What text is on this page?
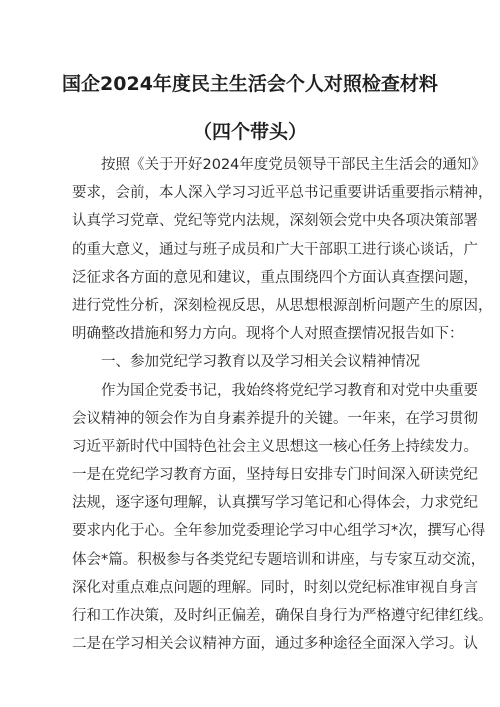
国企2024年度民主生活会个人对照检查材料
（四个带头）
按照《关于开好2024年度党员领导干部民主生活会的通知》
要求，会前，本人深入学习习近平总书记重要讲话重要指示精神，
认真学习党章、党纪等党内法规，深刻领会党中央各项决策部署
的重大意义，通过与班子成员和广大干部职工进行谈心谈话，广
泛征求各方面的意见和建议，重点围绕四个方面认真查摆问题，
进行党性分析，深刻检视反思，从思想根源剖析问题产生的原因，
明确整改措施和努力方向。现将个人对照查摆情况报告如下：
一、参加党纪学习教育以及学习相关会议精神情况
作为国企党委书记，我始终将党纪学习教育和对党中央重要
会议精神的领会作为自身素养提升的关键。一年来，在学习贯彻
习近平新时代中国特色社会主义思想这一核心任务上持续发力。
一是在党纪学习教育方面，坚持每日安排专门时间深入研读党纪
法规，逐字逐句理解，认真撰写学习笔记和心得体会，力求党纪
要求内化于心。全年参加党委理论学习中心组学习*次，撰写心得
体会*篇。积极参与各类党纪专题培训和讲座，与专家互动交流，
深化对重点难点问题的理解。同时，时刻以党纪标准审视自身言
行和工作决策，及时纠正偏差，确保自身行为严格遵守纪律红线。
二是在学习相关会议精神方面，通过多种途径全面深入学习。认
